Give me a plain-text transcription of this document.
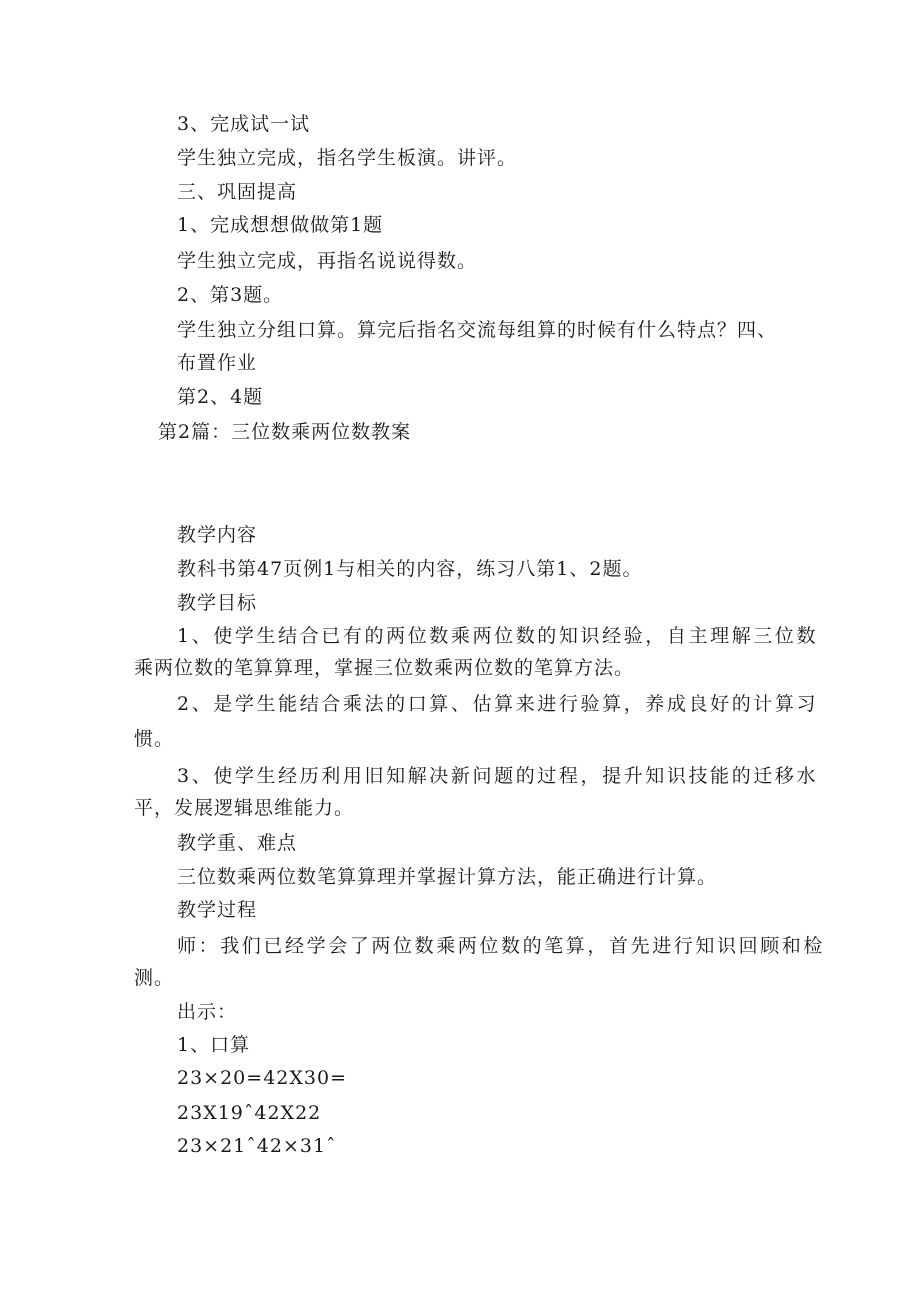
3、完成试一试
学生独立完成，指名学生板演。讲评。
三、巩固提高
1、完成想想做做第1题
学生独立完成，再指名说说得数。
2、第3题。
学生独立分组口算。算完后指名交流每组算的时候有什么特点？四、
布置作业
第2、4题
第2篇：三位数乘两位数教案
教学内容
教科书第47页例1与相关的内容，练习八第1、2题。
教学目标
1、使学生结合已有的两位数乘两位数的知识经验，自主理解三位数
乘两位数的笔算算理，掌握三位数乘两位数的笔算方法。
2、是学生能结合乘法的口算、估算来进行验算，养成良好的计算习
惯。
3、使学生经历利用旧知解决新问题的过程，提升知识技能的迁移水
平，发展逻辑思维能力。
教学重、难点
三位数乘两位数笔算算理并掌握计算方法，能正确进行计算。
教学过程
师：我们已经学会了两位数乘两位数的笔算，首先进行知识回顾和检
测。
出示：
1、口算
23×20=42X30=
23X19ˆ42X22
23×21ˆ42×31ˆ
